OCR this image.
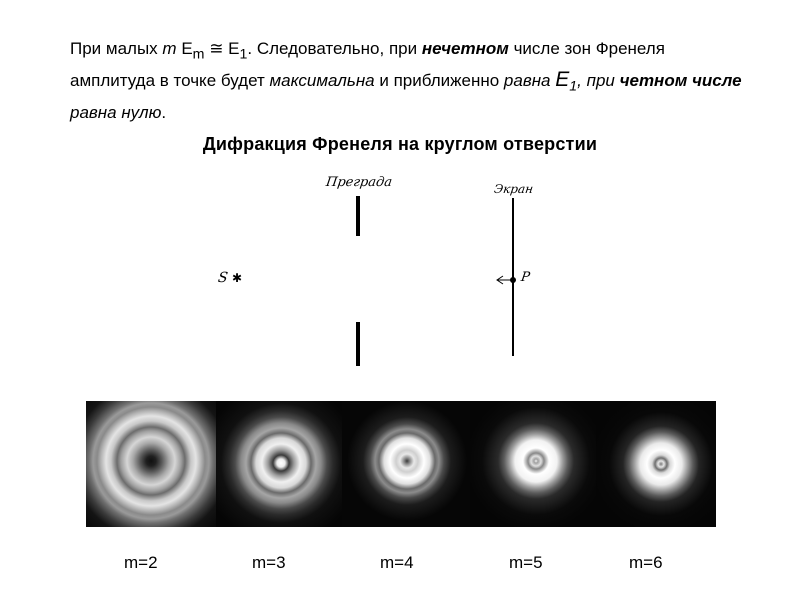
При малых m $E_m$ ≅ $E_1$. Следовательно, при нечетном числе зон Френеля амплитуда в точке будет максимальна и приближенно равна $E_1$, при четном числе равна нулю.

Дифракция Френеля на круглом отверстии
Преграда	Экран
S ✱	P
m=2	m=3	m=4	m=5	m=6
